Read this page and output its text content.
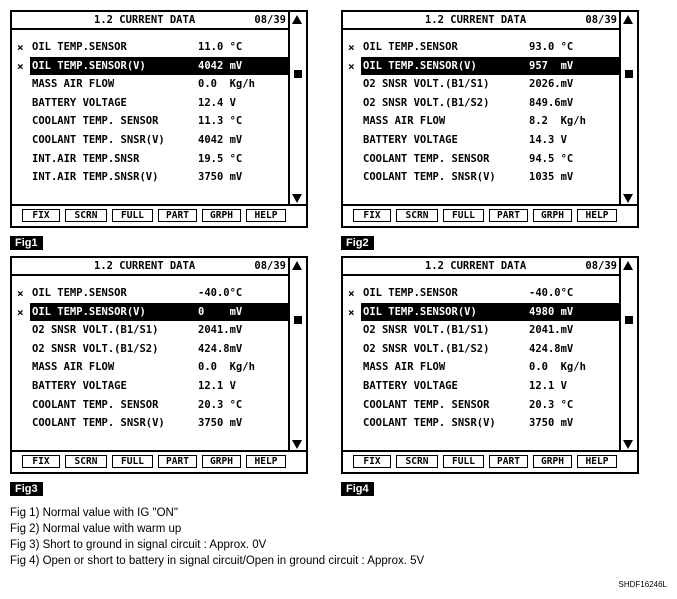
1.2 CURRENT DATA	08/39
× OIL TEMP.SENSOR	11.0 °C
× OIL TEMP.SENSOR(V)	4042 mV
MASS AIR FLOW	0.0  Kg/h
BATTERY VOLTAGE	12.4 V
COOLANT TEMP. SENSOR	11.3 °C
COOLANT TEMP. SNSR(V)	4042 mV
INT.AIR TEMP.SNSR	19.5 °C
INT.AIR TEMP.SNSR(V)	3750 mV
FIX	SCRN	FULL	PART	GRPH	HELP
Fig1
1.2 CURRENT DATA	08/39
× OIL TEMP.SENSOR	93.0 °C
× OIL TEMP.SENSOR(V)	957  mV
O2 SNSR VOLT.(B1/S1)	2026.mV
O2 SNSR VOLT.(B1/S2)	849.6mV
MASS AIR FLOW	8.2  Kg/h
BATTERY VOLTAGE	14.3 V
COOLANT TEMP. SENSOR	94.5 °C
COOLANT TEMP. SNSR(V)	1035 mV
FIX	SCRN	FULL	PART	GRPH	HELP
Fig2
1.2 CURRENT DATA	08/39
× OIL TEMP.SENSOR	-40.0°C
× OIL TEMP.SENSOR(V)	0    mV
O2 SNSR VOLT.(B1/S1)	2041.mV
O2 SNSR VOLT.(B1/S2)	424.8mV
MASS AIR FLOW	0.0  Kg/h
BATTERY VOLTAGE	12.1 V
COOLANT TEMP. SENSOR	20.3 °C
COOLANT TEMP. SNSR(V)	3750 mV
FIX	SCRN	FULL	PART	GRPH	HELP
Fig3
1.2 CURRENT DATA	08/39
× OIL TEMP.SENSOR	-40.0°C
× OIL TEMP.SENSOR(V)	4980 mV
O2 SNSR VOLT.(B1/S1)	2041.mV
O2 SNSR VOLT.(B1/S2)	424.8mV
MASS AIR FLOW	0.0  Kg/h
BATTERY VOLTAGE	12.1 V
COOLANT TEMP. SENSOR	20.3 °C
COOLANT TEMP. SNSR(V)	3750 mV
FIX	SCRN	FULL	PART	GRPH	HELP
Fig4
Fig 1) Normal value with IG "ON"
Fig 2) Normal value with warm up
Fig 3) Short to ground in signal circuit : Approx. 0V
Fig 4) Open or short to battery in signal circuit/Open in ground circuit : Approx. 5V
SHDF16246L
